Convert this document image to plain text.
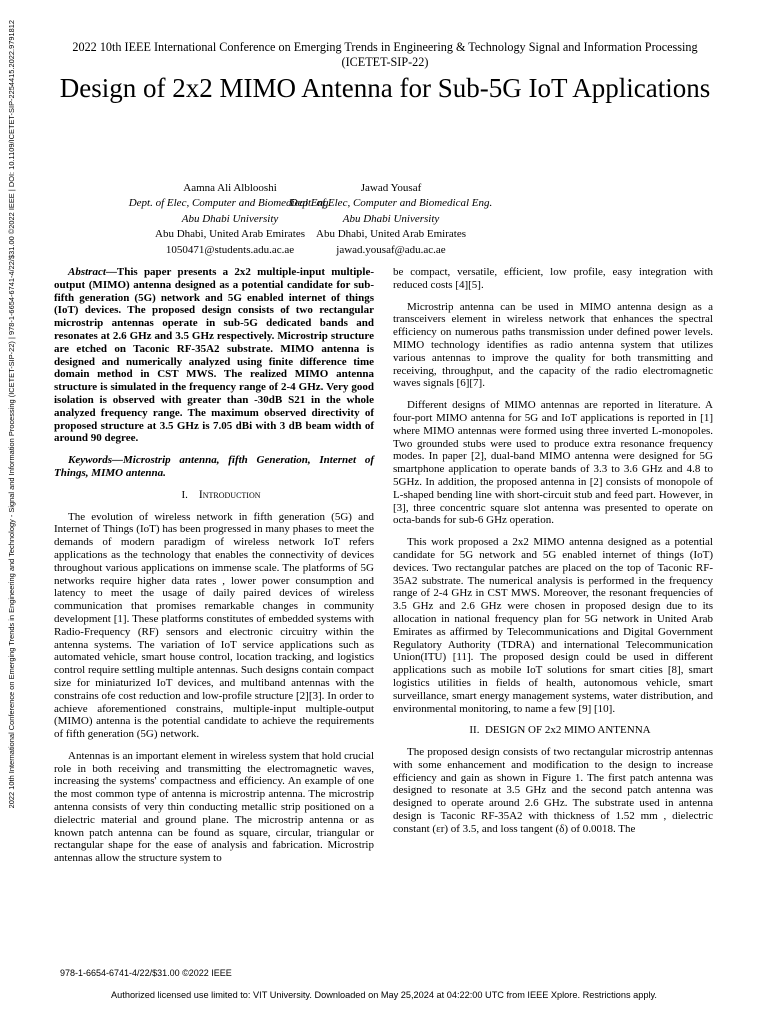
2022 10th International Conference on Emerging Trends in Engineering and Technology - Signal and Information Processing (ICETET-SIP-22) | 978-1-6654-6741-4/22/$31.00 ©2022 IEEE | DOI: 10.1109/ICETET-SIP-2254415.2022.9791812	2022 10th IEEE International Conference on Emerging Trends in Engineering & Technology Signal and Information Processing (ICETET-SIP-22)
Design of 2x2 MIMO Antenna for Sub-5G IoT Applications
Aamna Ali Alblooshi
Dept. of Elec, Computer and Biomedical Eng.
Abu Dhabi University
Abu Dhabi, United Arab Emirates
1050471@students.adu.ac.ae
Jawad Yousaf
Dept. of Elec, Computer and Biomedical Eng.
Abu Dhabi University
Abu Dhabi, United Arab Emirates
jawad.yousaf@adu.ac.ae

Abstract—This paper presents a 2x2 multiple-input multiple- output (MIMO) antenna designed as a potential candidate for sub-fifth generation (5G) network and 5G enabled internet of things (IoT) devices. The proposed design consists of two rectangular microstrip antennas operate in sub-5G dedicated bands and resonates at 2.6 GHz and 3.5 GHz respectively. Microstrip structure are etched on Taconic RF-35A2 substrate. MIMO antenna is designed and numerically analyzed using finite difference time domain method in CST MWS. The realized MIMO antenna structure is simulated in the frequency range of 2-4 GHz. Very good isolation is observed with greater than -30dB S21 in the whole analyzed frequency range. The maximum observed directivity of proposed structure at 3.5 GHz is 7.05 dBi with 3 dB beam width of around 90 degree.

Keywords—Microstrip antenna, fifth Generation, Internet of Things, MIMO antenna.

I. Introduction

The evolution of wireless network in fifth generation (5G) and Internet of Things (IoT) has been progressed in many phases to meet the demands of modern paradigm of wireless network IoT refers applications as the technology that enables the connectivity of devices throughout various applications on immense scale. The platforms of 5G networks require higher data rates , lower power consumption and latency to meet the usage of daily paired devices of wireless communication that promises remarkable changes in community development [1]. These platforms constitutes of embedded systems with Radio-Frequency (RF) sensors and electronic circuitry within the antenna systems. The variation of IoT service applications such as automated vehicle, smart house control, location tracking, and logistics control require settling multiple antennas. Such designs contain compact size for miniaturized IoT devices, and multiband antennas with the constrains ofe cost reduction and low-profile structure [2][3]. In order to achieve aforementioned constrains, multiple-input multiple-output (MIMO) antenna is the potential candidate to achieve the requirements of fifth generation (5G) network.

Antennas is an important element in wireless system that hold crucial role in both receiving and transmitting the electromagnetic waves, increasing the systems' compactness and efficiency. An example of one the most common type of antenna is microstrip antenna. The microstrip antenna consists of very thin conducting metallic strip positioned on a dielectric material and ground plane. The microstrip antenna or as known patch antenna can be found as square, circular, triangular or rectangular shape for the ease of analysis and fabrication. Microstrip antennas allow the structure system to

be compact, versatile, efficient, low profile, easy integration with reduced costs [4][5].

Microstrip antenna can be used in MIMO antenna design as a transceivers element in wireless network that enhances the spectral efficiency on numerous paths transmission under defined power levels. MIMO technology identifies as radio antenna system that utilizes various antennas to improve the quality for both transmitting and receiving, throughput, and the capacity of the radio electromagnetic waves signals [6][7].

Different designs of MIMO antennas are reported in literature. A four-port MIMO antenna for 5G and IoT applications is reported in [1] where MIMO antennas were formed using three inverted L-monopoles. Two grounded stubs were used to produce extra resonance frequency modes. In paper [2], dual-band MIMO antenna were designed for 5G smartphone application to operate bands of 3.3 to 3.6 GHz and 4.8 to 5GHz. In addition, the proposed antenna in [2] consists of monopole of L-shaped bending line with short-circuit stub and feed part. However, in [3], three concentric square slot antenna was presented to operate on octa-bands for sub-6 GHz operation.

This work proposed a 2x2 MIMO antenna designed as a potential candidate for 5G network and 5G enabled internet of things (IoT) devices. Two rectangular patches are placed on the top of Taconic RF-35A2 substrate. The numerical analysis is performed in the frequency range of 2-4 GHz in CST MWS. Moreover, the resonant frequencies of 3.5 GHz and 2.6 GHz were chosen in proposed design due to its allocation in national frequency plan for 5G network in United Arab Emirates as affirmed by Telecommunications and Digital Government Regulatory Authority (TDRA) and international Telecommunication Union(ITU) [11]. The proposed design could be used in different applications such as mobile IoT solutions for smart cities [8], smart logistics utilities in fields of health, autonomous vehicle, smart surveillance, smart energy management systems, water distribution, and environmental monitoring, to name a few [9] [10].

II. DESIGN OF 2x2 MIMO ANTENNA

The proposed design consists of two rectangular microstrip antennas with some enhancement and modification to the design to increase efficiency and gain as shown in Figure 1. The first patch antenna was designed to resonate at 3.5 GHz and the second patch antenna was designed to operate around 2.6 GHz. The substrate used in antenna design is Taconic RF-35A2 with thickness of 1.52 mm , dielectric constant (εr) of 3.5, and loss tangent (δ) of 0.0018. The

978-1-6654-6741-4/22/$31.00 ©2022 IEEE
Authorized licensed use limited to: VIT University. Downloaded on May 25,2024 at 04:22:00 UTC from IEEE Xplore. Restrictions apply.
